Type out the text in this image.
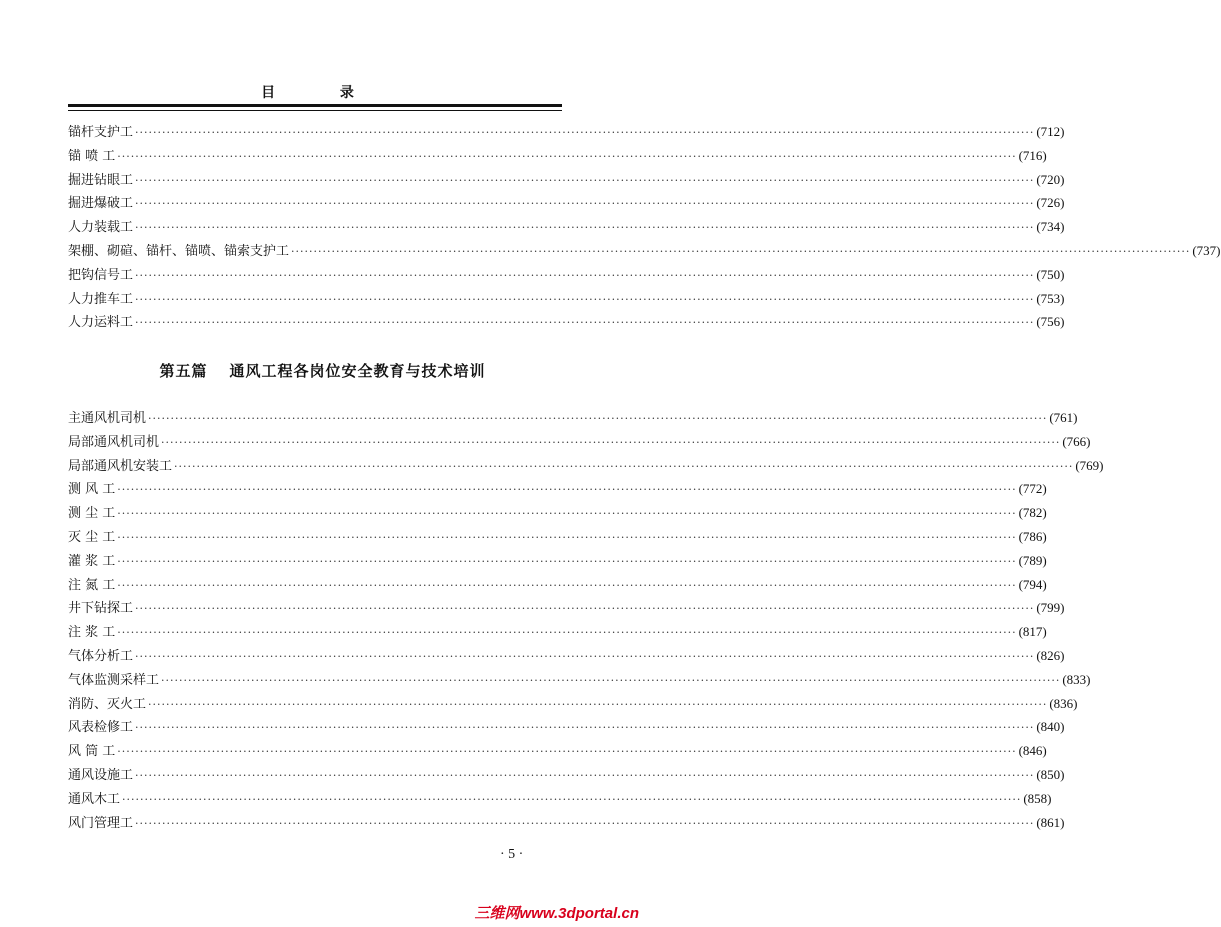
目 录
锚杆支护工 ········································································································································································································ (712)
锚 喷 工 ········································································································································································································ (716)
掘进钻眼工 ········································································································································································································ (720)
掘进爆破工 ········································································································································································································ (726)
人力装载工 ········································································································································································································ (734)
架棚、砌碹、锚杆、锚喷、锚索支护工 ········································································································································································································ (737)
把钩信号工 ········································································································································································································ (750)
人力推车工 ········································································································································································································ (753)
人力运料工 ········································································································································································································ (756)
第五篇 通风工程各岗位安全教育与技术培训
主通风机司机 ········································································································································································································ (761)
局部通风机司机 ········································································································································································································ (766)
局部通风机安装工 ········································································································································································································ (769)
测 风 工 ········································································································································································································ (772)
测 尘 工 ········································································································································································································ (782)
灭 尘 工 ········································································································································································································ (786)
灌 浆 工 ········································································································································································································ (789)
注 氮 工 ········································································································································································································ (794)
井下钻探工 ········································································································································································································ (799)
注 浆 工 ········································································································································································································ (817)
气体分析工 ········································································································································································································ (826)
气体监测采样工 ········································································································································································································ (833)
消防、灭火工 ········································································································································································································ (836)
风表检修工 ········································································································································································································ (840)
风 筒 工 ········································································································································································································ (846)
通风设施工 ········································································································································································································ (850)
通风木工 ········································································································································································································ (858)
风门管理工 ········································································································································································································ (861)
· 5 ·
三维网www.3dportal.cn
